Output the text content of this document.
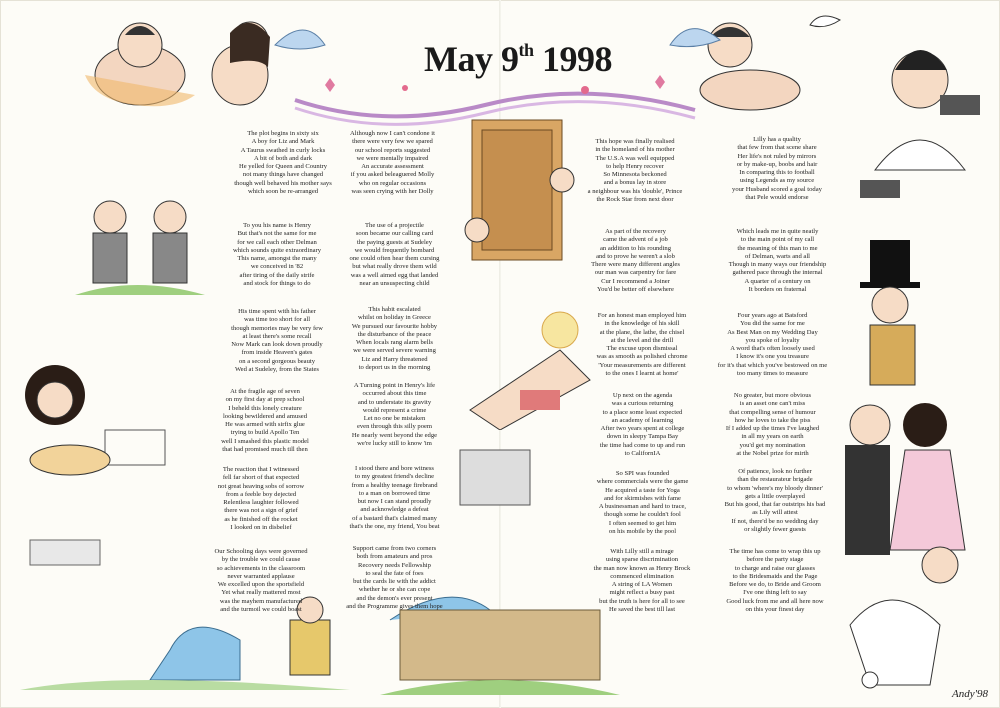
May 9th 1998
The plot begins in sixty six
A boy for Liz and Mark
A Taurus swathed in curly locks
A bit of both and dark
He yelled for Queen and Country
not many things have changed
though well behaved his mother says
which soon be re-arranged
To you his name is Henry
But that's not the same for me
for we call each other Delman
which sounds quite extraordinary
This name, amongst the many
we conceived in '82
after tiring of the daily strife
and stock for things to do
His time spent with his father
was time too short for all
though memories may be very few
at least there's some recall
Now Mark can look down proudly
from inside Heaven's gates
on a second gorgeous beauty
Wed at Sudeley, from the States
At the fragile age of seven
on my first day at prep school
I beheld this lonely creature
looking bewildered and amused
He was armed with sirfix glue
trying to build Apollo Ten
well I smashed this plastic model
that had promised much till then
The reaction that I witnessed
fell far short of that expected
not great heaving sobs of sorrow
from a feeble boy dejected
Relentless laughter followed
there was not a sign of grief
as he finished off the rocket
I looked on in disbelief
Our Schooling days were governed
by the trouble we could cause
so achievements in the classroom
never warranted applause
We excelled upon the sportsfield
Yet what really mattered most
was the mayhem manufactured
and the turmoil we could boast
Although now I can't condone it
there were very few we spared
our school reports suggested
we were mentally impaired
An accurate assessment
if you asked beleaguered Molly
who on regular occasions
was seen crying with her Dolly
The use of a projectile
soon became our calling card
the paying guests at Sudeley
we would frequently bombard
one could often hear them cursing
but what really drove them wild
was a well aimed egg that landed
near an unsuspecting child
This habit escalated
whilst on holiday in Greece
We pursued our favourite hobby
the disturbance of the peace
When locals rang alarm bells
we were served severe warning
Liz and Harry threatened
to deport us in the morning
A Turning point in Henry's life
occurred about this time
and to understate its gravity
would represent a crime
Let no one be mistaken
even through this silly poem
He nearly went beyond the edge
we're lucky still to know 'im
I stood there and bore witness
to my greatest friend's decline
from a healthy teenage firebrand
to a man on borrowed time
but now I can stand proudly
and acknowledge a defeat
of a bastard that's claimed many
that's the one, my friend, You beat
Support came from two corners
both from amateurs and pros
Recovery needs Fellowship
to seal the fate of foes
but the cards lie with the addict
whether he or she can cope
and the demon's ever present
and the Programme gives them hope
This hope was finally realised
in the homeland of his mother
The U.S.A was well equipped
to help Henry recover
So Minnesota beckoned
and a bonus lay in store
a neighbour was his 'double', Prince
the Rock Star from next door
As part of the recovery
came the advent of a job
an addition to his rounding
and to prove he weren't a slob
There were many different angles
our man was carpentry for fare
Cur I recommend a Joiner
You'd be better off elsewhere
For an honest man employed him
in the knowledge of his skill
at the plane, the lathe, the chisel
at the level and the drill
The excuse upon dismissal
was as smooth as polished chrome
'Your measurements are different
to the ones I learnt at home'
Up next on the agenda
was a curious returning
to a place some least expected
an academy of learning
After two years spent at college
down in sleepy Tampa Bay
the time had come to up and run
to CalifornIA
So SPI was founded
where commercials were the game
He acquired a taste for Yoga
and for skirmishes with fame
A businessman and hard to trace,
though some he couldn't fool
I often seemed to get him
on his mobile by the pool
With Lilly still a mirage
using sparse discrimination
the man now known as Henry Brock
commenced elimination
A string of LA Women
might reflect a busy past
but the truth is here for all to see
He saved the best till last
Lilly has a quality
that few from that scene share
Her life's not ruled by mirrors
or by make-up, boobs and hair
In comparing this to football
using Legends as my source
your Husband scored a goal today
that Pele would endorse
Which leads me in quite neatly
to the main point of my call
the meaning of this man to me
of Delman, warts and all
Though in many ways our friendship
gathered pace through the internal
A quarter of a century on
It borders on fraternal
Four years ago at Batsford
You did the same for me
As Best Man on my Wedding Day
you spoke of loyalty
A word that's often loosely used
I know it's one you treasure
for it's that which you've bestowed on me
too many times to measure
No greater, but more obvious
is an asset one can't miss
that compelling sense of humour
how he loves to take the piss
If I added up the times I've laughed
in all my years on earth
you'd get my nomination
at the Nobel prize for mirth
Of patience, look no further
than the restaurateur brigade
to whom 'where's my bloody dinner'
gets a little overplayed
But his good, that far outstrips his bad
as Lily will attest
If not, there'd be no wedding day
or slightly fewer guests
The time has come to wrap this up
before the party stage
to charge and raise our glasses
to the Bridesmaids and the Page
Before we do, to Bride and Groom
I've one thing left to say
Good luck from me and all here now
on this your finest day
Andy'98
